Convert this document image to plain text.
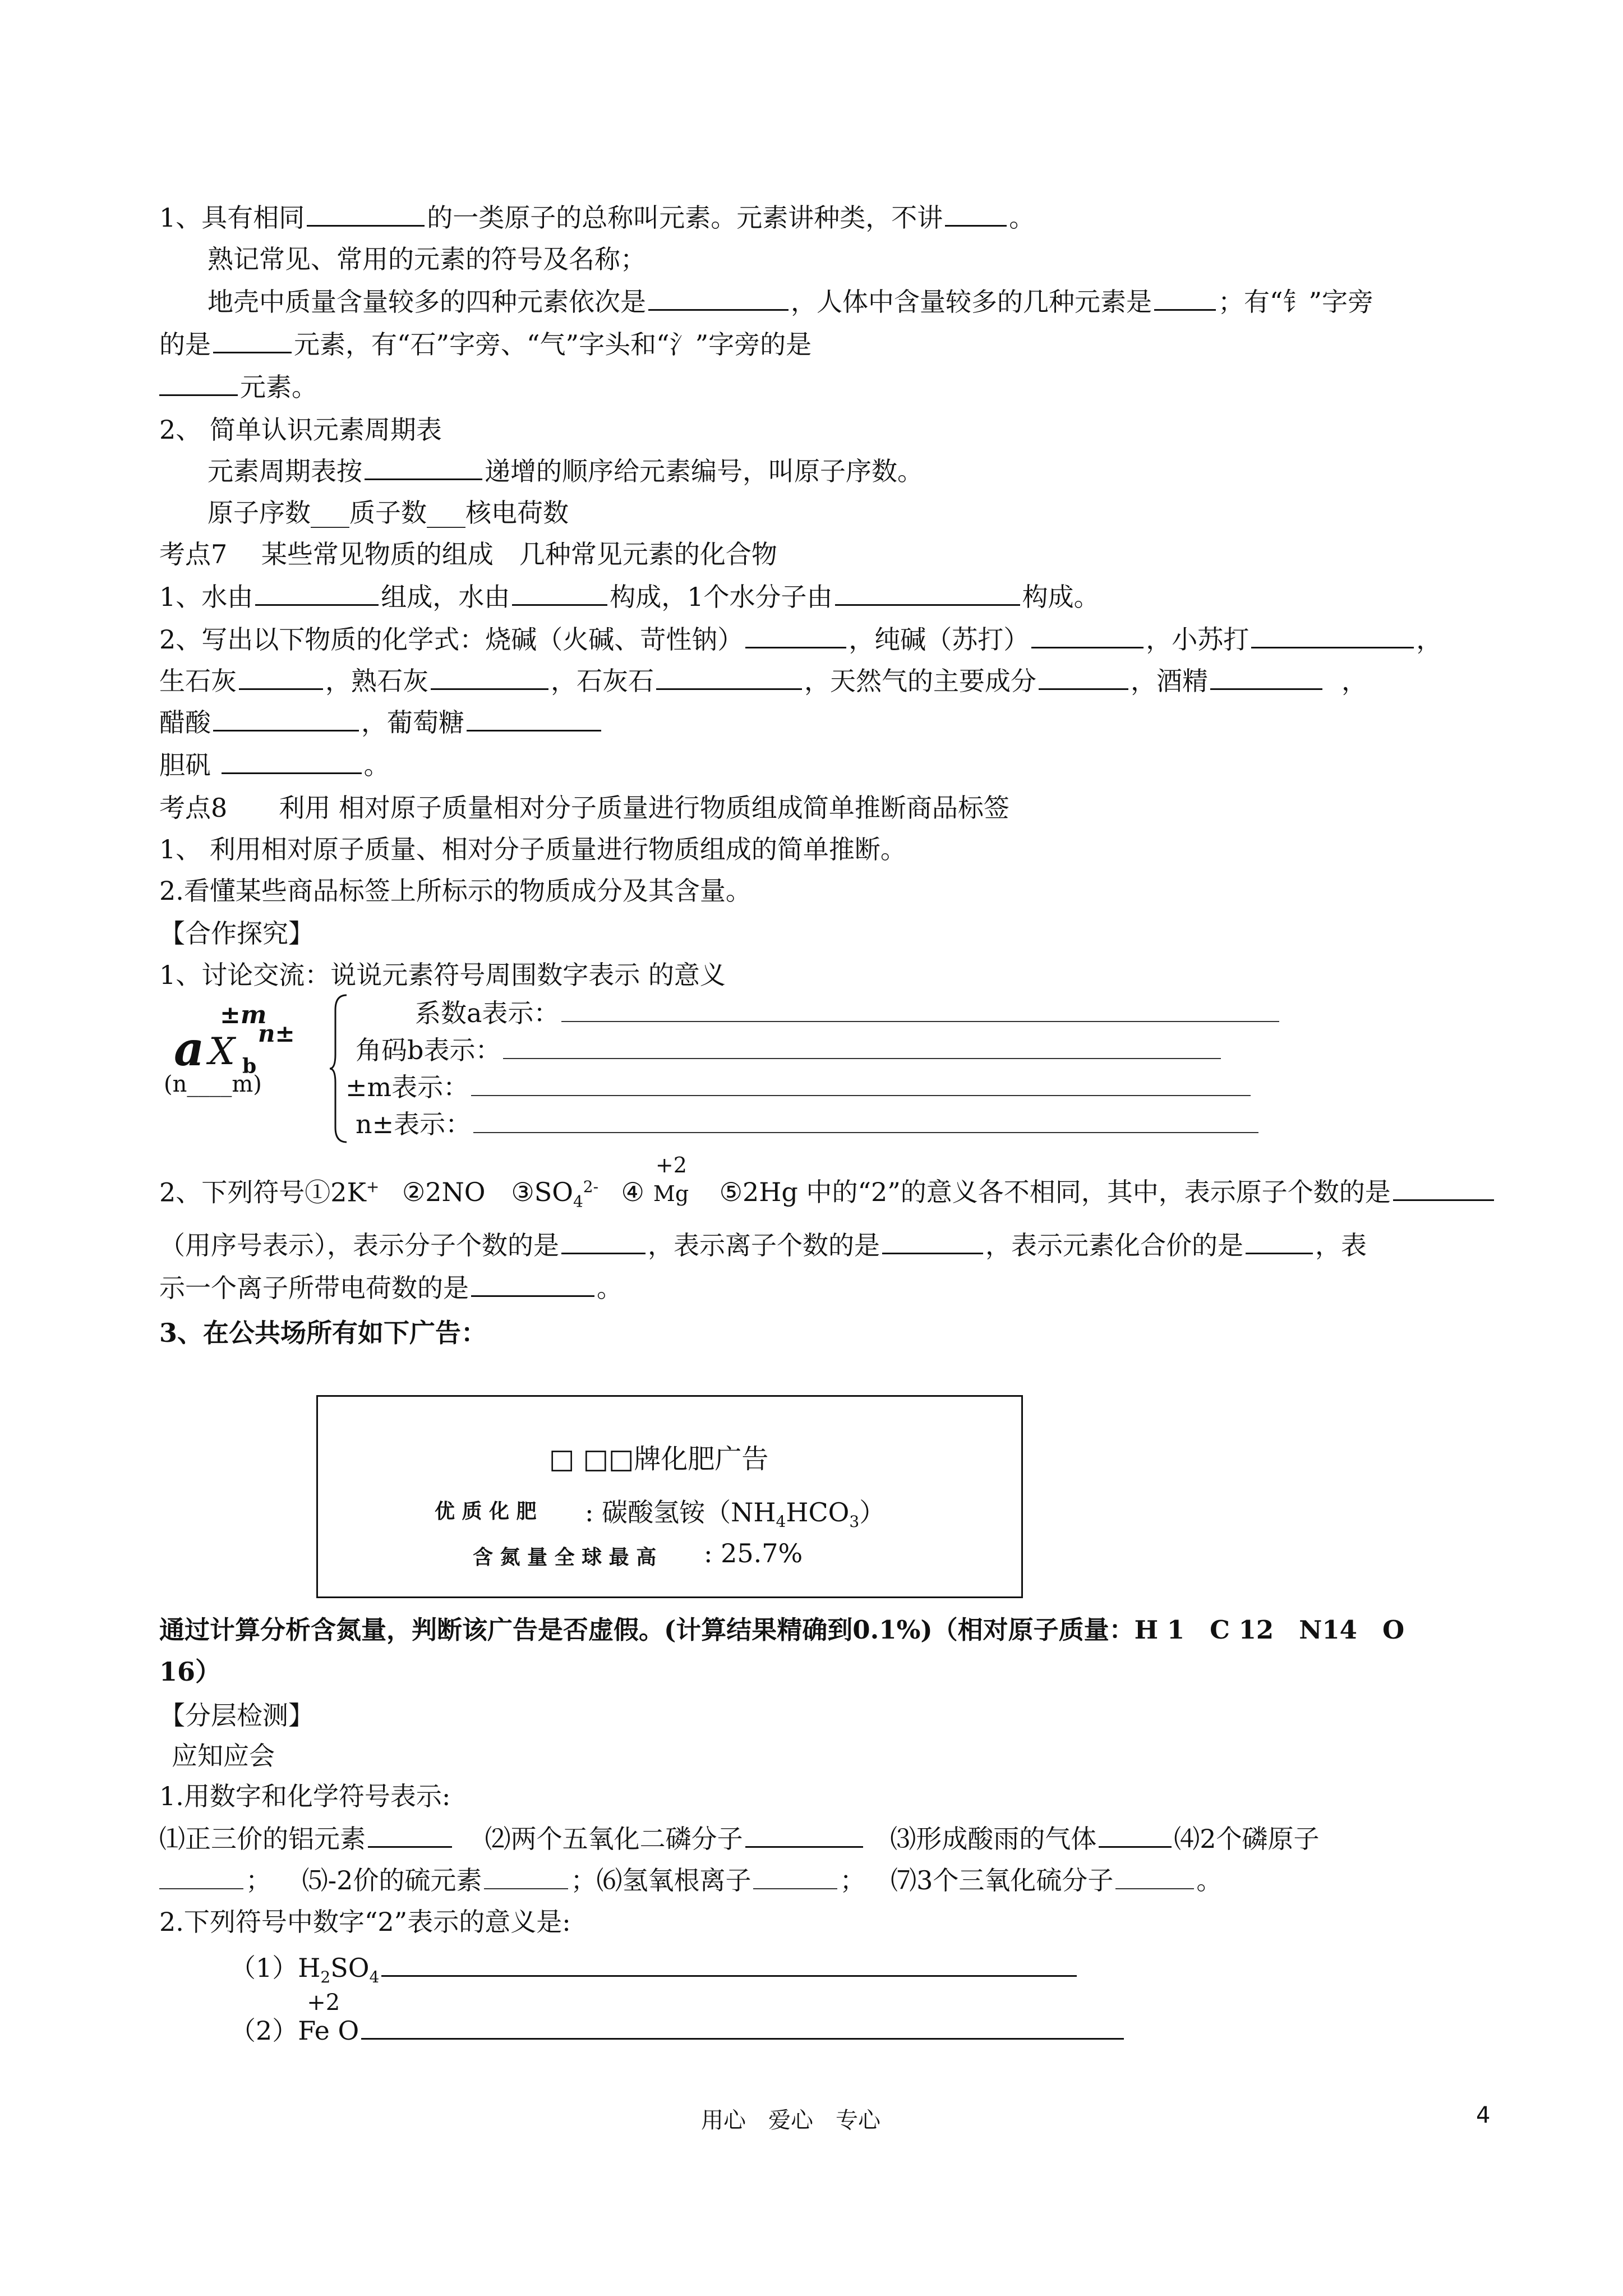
1、具有相同	的一类原子的总称叫元素。元素讲种类，不讲	。
熟记常见、常用的元素的符号及名称；
地壳中质量含量较多的四种元素依次是	，人体中含量较多的几种元素是	；有“钅”字旁
的是	元素，有“石”字旁、“气”字头和“氵”字旁的是
元素。
2、 简单认识元素周期表
元素周期表按	递增的顺序给元素编号，叫原子序数。
原子序数___质子数___核电荷数
考点7　 某些常见物质的组成　几种常见元素的化合物
1、水由	组成，水由	构成，1个水分子由	构成。
2、写出以下物质的化学式：烧碱（火碱、苛性钠）	，纯碱（苏打）	，小苏打	，
生石灰	，熟石灰	，石灰石	，天然气的主要成分	，酒精	，
醋酸	，葡萄糖
胆矾	。
考点8　　利用 相对原子质量相对分子质量进行物质组成简单推断商品标签
1、 利用相对原子质量、相对分子质量进行物质组成的简单推断。
2.看懂某些商品标签上所标示的物质成分及其含量。
【合作探究】
1、讨论交流：说说元素符号周围数字表示 的意义
±m
a X b
n±
(n____m)
系数a表示：
角码b表示：
±m表示：
n±表示：
2、下列符号①2K+ ②2NO　$③SO_4^{2-}$ ④
+2
Mg ⑤2Hg 中的“2”的意义各不相同，其中，表示原子个数的是
（用序号表示），表示分子个数的是	，表示离子个数的是	，表示元素化合价的是	，表
示一个离子所带电荷数的是	。
3、在公共场所有如下广告：
□ □□牌化肥广告
优 质 化 肥 : 碳酸氢铵$(NH_4HCO_3)$
含 氮 量 全 球 最 高 : 25.7%
通过计算分析含氮量，判断该广告是否虚假。(计算结果精确到0.1%)（相对原子质量：H 1　C 12　N14　O
16）
【分层检测】
应知应会
1.用数字和化学符号表示:
⑴正三价的铝元素	⑵两个五氧化二磷分子	⑶形成酸雨的气体	⑷2个磷原子
； ⑸-2价的硫元素	；⑹氢氧根离子	； ⑺3个三氧化硫分子	。
2.下列符号中数字“2”表示的意义是:
$(1)H_2SO_4$
（2）
+2
Fe O
用心　爱心　专心	4
